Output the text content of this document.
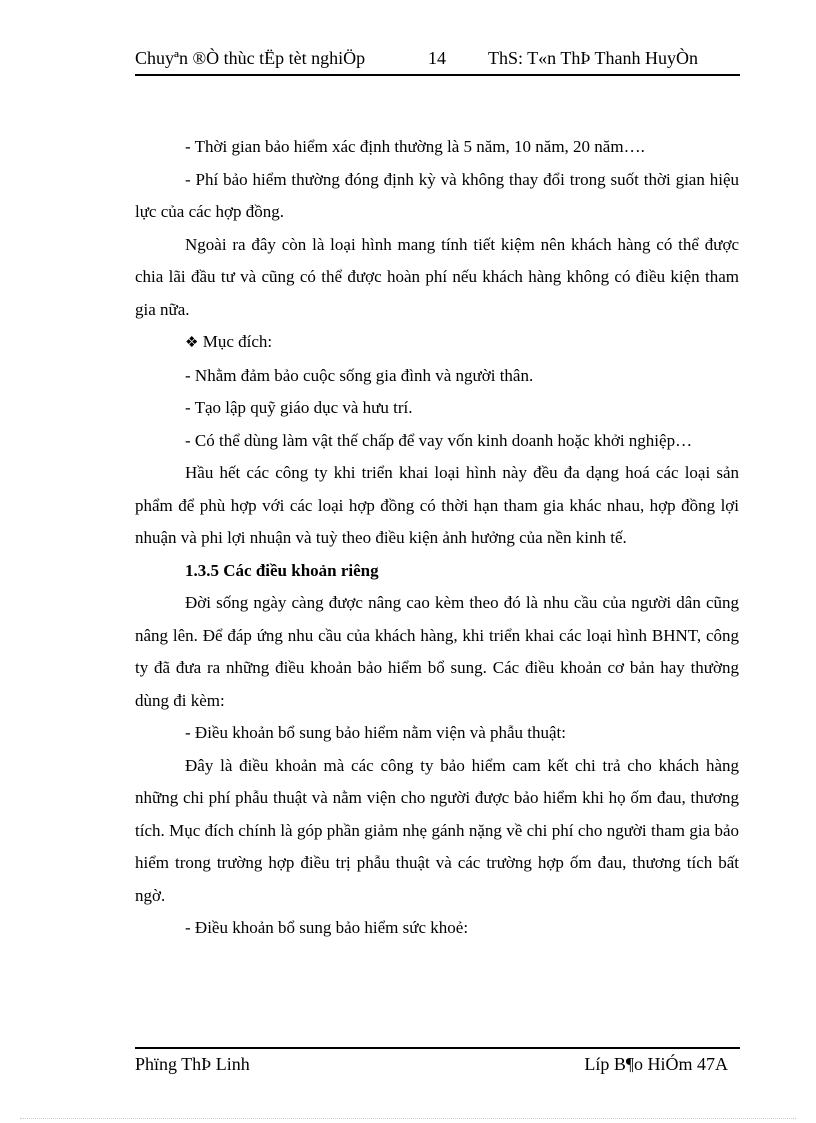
Chuyªn ®Ò thùc tËp tèt nghiÖp	14 ThS: T«n ThÞ Thanh HuyÒn

- Thời gian bảo hiểm xác định thường là 5 năm, 10 năm, 20 năm….

- Phí bảo hiểm thường đóng định kỳ và không thay đổi trong suốt thời gian hiệu lực của các hợp đồng.

Ngoài ra đây còn là loại hình mang tính tiết kiệm nên khách hàng có thể được chia lãi đầu tư và cũng có thể được hoàn phí nếu khách hàng không có điều kiện tham gia nữa.

❖ Mục đích:

- Nhằm đảm bảo cuộc sống gia đình và người thân.

- Tạo lập quỹ giáo dục và hưu trí.

- Có thể dùng làm vật thế chấp để vay vốn kinh doanh hoặc khởi nghiệp…

Hầu hết các công ty khi triển khai loại hình này đều đa dạng hoá các loại sản phẩm để phù hợp với các loại hợp đồng có thời hạn tham gia khác nhau, hợp đồng lợi nhuận và phi lợi nhuận và tuỳ theo điều kiện ảnh hưởng của nền kinh tế.

1.3.5 Các điều khoản riêng

Đời sống ngày càng được nâng cao kèm theo đó là nhu cầu của người dân cũng nâng lên. Để đáp ứng nhu cầu của khách hàng, khi triển khai các loại hình BHNT, công ty đã đưa ra những điều khoản bảo hiểm bổ sung. Các điều khoản cơ bản hay thường dùng đi kèm:

- Điều khoản bổ sung bảo hiểm nằm viện và phẫu thuật:

Đây là điều khoản mà các công ty bảo hiểm cam kết chi trả cho khách hàng những chi phí phẫu thuật và nằm viện cho người được bảo hiểm khi họ ốm đau, thương tích. Mục đích chính là góp phần giảm nhẹ gánh nặng về chi phí cho người tham gia bảo hiểm trong trường hợp điều trị phẫu thuật và các trường hợp ốm đau, thương tích bất ngờ.

- Điều khoản bổ sung bảo hiểm sức khoẻ:

Phïng ThÞ Linh	Líp B¶o HiÓm 47A
